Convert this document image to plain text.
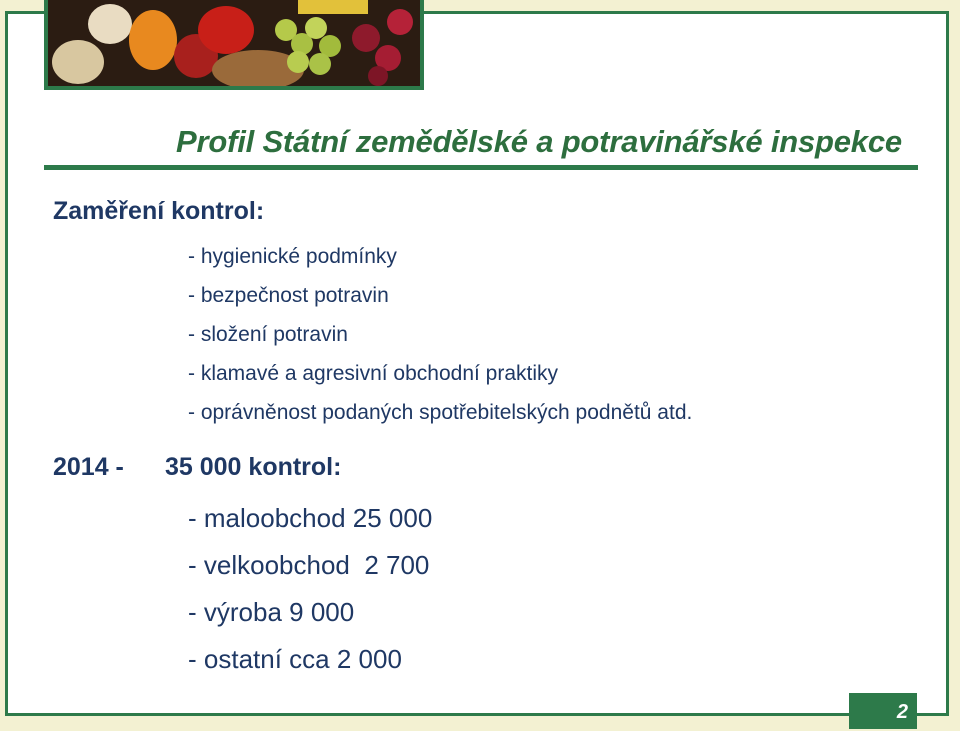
Profil Státní zemědělské a potravinářské inspekce
Zaměření kontrol:
- hygienické podmínky
- bezpečnost potravin
- složení potravin
- klamavé a agresivní obchodní praktiky
- oprávněnost podaných spotřebitelských podnětů atd.
2014 - 35 000 kontrol:
- maloobchod 25 000
- velkoobchod  2 700
- výroba 9 000
- ostatní cca 2 000
2
